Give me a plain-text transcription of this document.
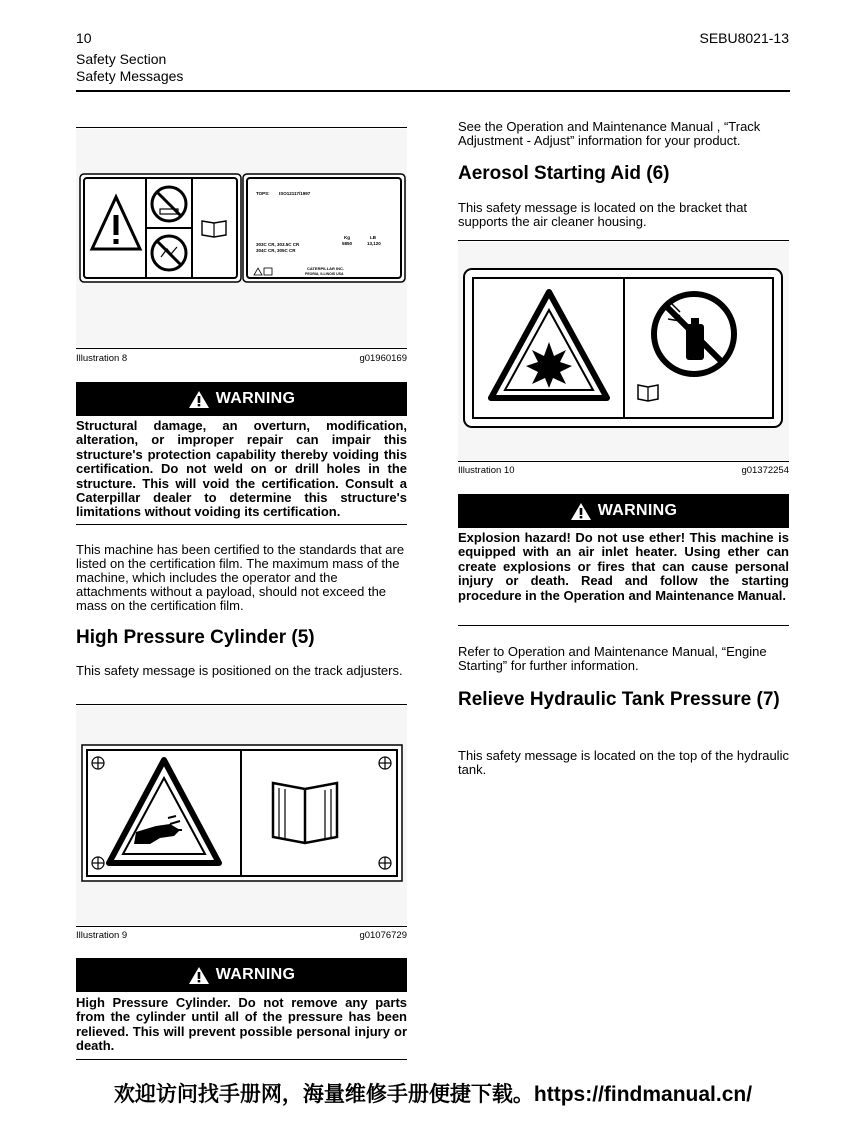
10	SEBU8021-13
Safety Section
Safety Messages
TOPS: ISO12117/1997
Kg	LB
303C CR, 303.5C CR	5850	13,120
304C CR, 305C CR
CATERPILLAR INC.
PEORIA, ILLINOIS USA
Illustration 8	g01960169
WARNING
Structural damage, an overturn, modification, alteration, or improper repair can impair this structure's protection capability thereby voiding this certification. Do not weld on or drill holes in the structure. This will void the certification. Consult a Caterpillar dealer to determine this structure's limitations without voiding its certification.
This machine has been certified to the standards that are listed on the certification film. The maximum mass of the machine, which includes the operator and the attachments without a payload, should not exceed the mass on the certification film.
High Pressure Cylinder (5)
This safety message is positioned on the track adjusters.
Illustration 9	g01076729
WARNING
High Pressure Cylinder. Do not remove any parts from the cylinder until all of the pressure has been relieved. This will prevent possible personal injury or death.
See the Operation and Maintenance Manual , “Track Adjustment - Adjust” information for your product.
Aerosol Starting Aid (6)
This safety message is located on the bracket that supports the air cleaner housing.
Illustration 10	g01372254
WARNING
Explosion hazard! Do not use ether! This machine is equipped with an air inlet heater. Using ether can create explosions or fires that can cause personal injury or death. Read and follow the starting procedure in the Operation and Maintenance Manual.
Refer to Operation and Maintenance Manual, “Engine Starting” for further information.
Relieve Hydraulic Tank Pressure (7)
This safety message is located on the top of the hydraulic tank.
欢迎访问找手册网，海量维修手册便捷下载。https://findmanual.cn/
